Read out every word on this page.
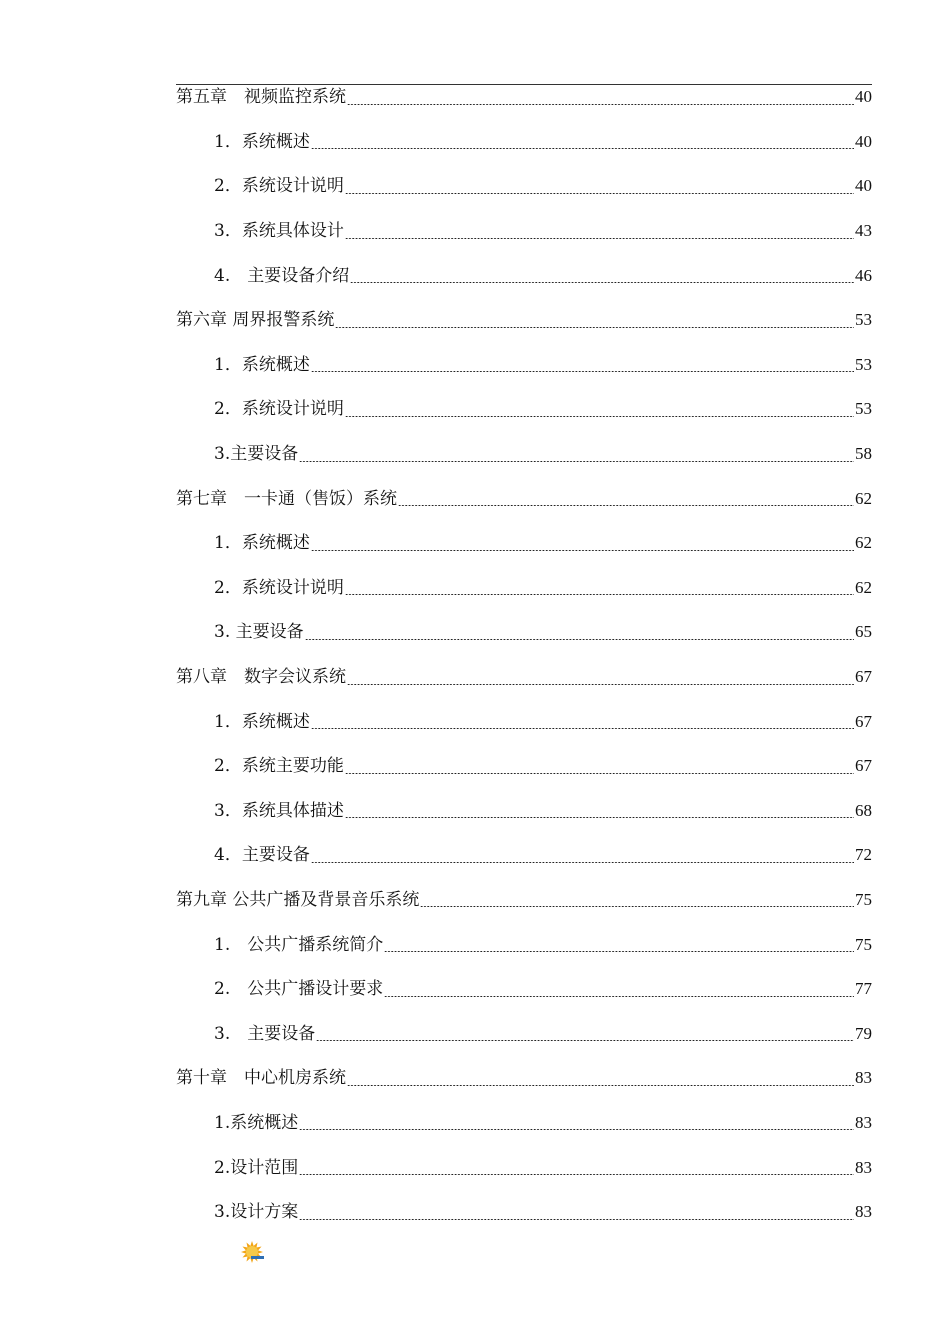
第五章　视频监控系统	40
1．系统概述	40
2．系统设计说明	40
3．系统具体设计	43
4.　主要设备介绍	46
第六章 周界报警系统	53
1．系统概述	53
2．系统设计说明	53
3.主要设备	58
第七章　一卡通（售饭）系统	62
1．系统概述	62
2．系统设计说明	62
3. 主要设备	65
第八章　数字会议系统	67
1．系统概述	67
2．系统主要功能	67
3．系统具体描述	68
4．主要设备	72
第九章 公共广播及背景音乐系统	75
1.　公共广播系统简介	75
2.　公共广播设计要求	77
3.　主要设备	79
第十章　中心机房系统	83
1.系统概述	83
2.设计范围	83
3.设计方案	83
